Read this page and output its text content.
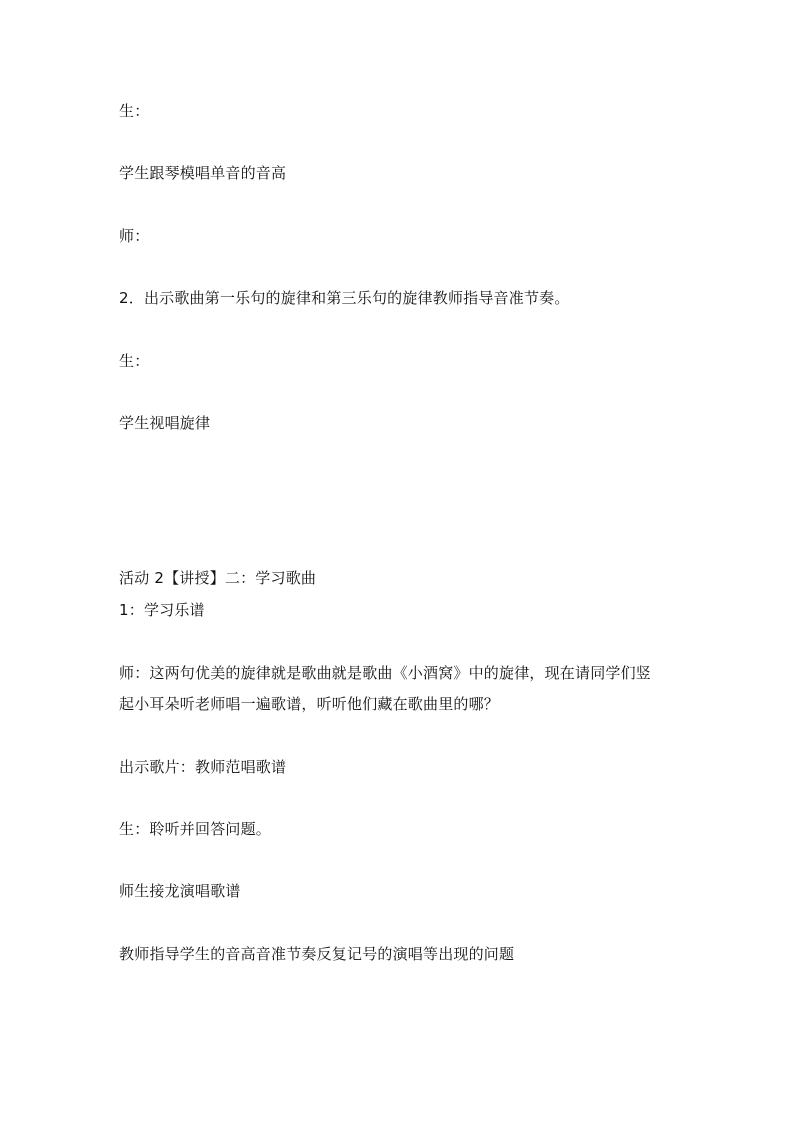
生：
学生跟琴模唱单音的音高
师：
2．出示歌曲第一乐句的旋律和第三乐句的旋律教师指导音准节奏。
生：
学生视唱旋律
活动 2【讲授】二：学习歌曲
1：学习乐谱
师：这两句优美的旋律就是歌曲就是歌曲《小酒窝》中的旋律，现在请同学们竖
起小耳朵听老师唱一遍歌谱，听听他们藏在歌曲里的哪？
出示歌片：教师范唱歌谱
生：聆听并回答问题。
师生接龙演唱歌谱
教师指导学生的音高音准节奏反复记号的演唱等出现的问题
